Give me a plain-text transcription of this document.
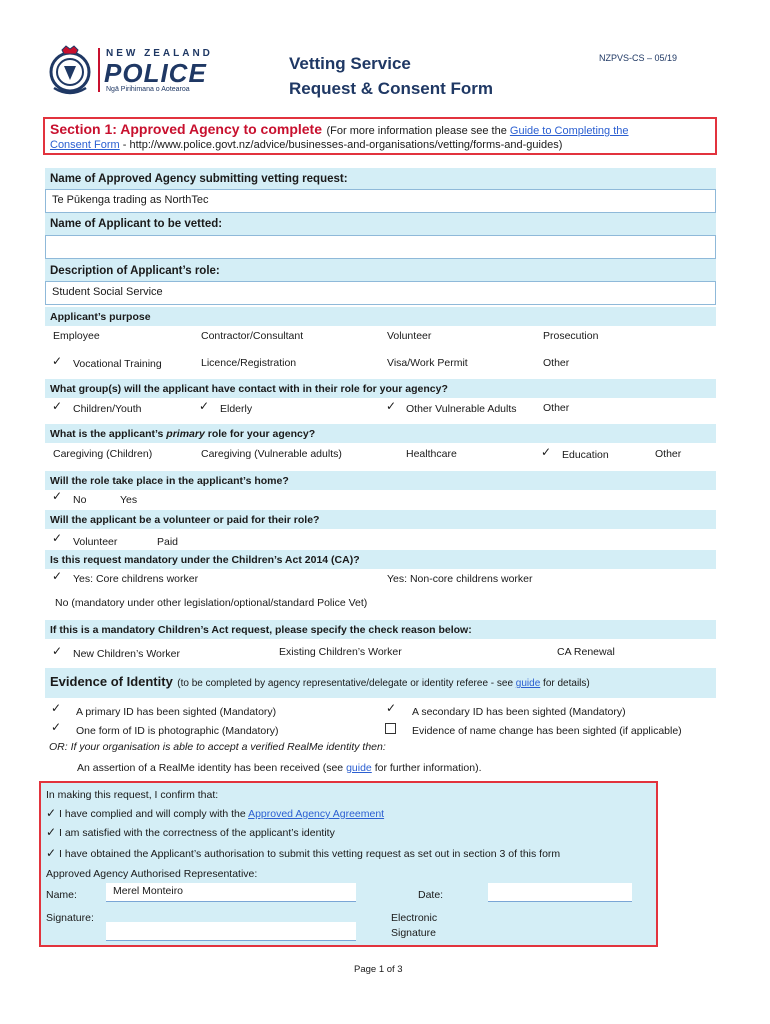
NEW ZEALAND
POLICE
Ngā Pirihimana o Aotearoa
Vetting Service
Request & Consent Form
NZPVS-CS – 05/19
Section 1: Approved Agency to complete (For more information please see the Guide to Completing the
Consent Form - http://www.police.govt.nz/advice/businesses-and-organisations/vetting/forms-and-guides)
Name of Approved Agency submitting vetting request:
Te Pūkenga trading as NorthTec
Name of Applicant to be vetted:
Description of Applicant’s role:
Student Social Service
Applicant’s purpose
Employee	Contractor/Consultant	Volunteer	Prosecution
✓ Vocational Training	Licence/Registration	Visa/Work Permit	Other
What group(s) will the applicant have contact with in their role for your agency?
✓ Children/Youth	✓ Elderly	✓ Other Vulnerable Adults	Other
What is the applicant’s primary role for your agency?
Caregiving (Children)	Caregiving (Vulnerable adults)	Healthcare	✓ Education	Other
Will the role take place in the applicant’s home?
✓ No	Yes
Will the applicant be a volunteer or paid for their role?
✓ Volunteer	Paid
Is this request mandatory under the Children’s Act 2014 (CA)?
✓ Yes: Core childrens worker	Yes: Non-core childrens worker
No (mandatory under other legislation/optional/standard Police Vet)
If this is a mandatory Children’s Act request, please specify the check reason below:
✓ New Children’s Worker	Existing Children’s Worker	CA Renewal
Evidence of Identity (to be completed by agency representative/delegate or identity referee - see guide for details)
✓ A primary ID has been sighted (Mandatory)	✓ A secondary ID has been sighted (Mandatory)
✓ One form of ID is photographic (Mandatory)	Evidence of name change has been sighted (if applicable)
OR: If your organisation is able to accept a verified RealMe identity then:
An assertion of a RealMe identity has been received (see guide for further information).
In making this request, I confirm that:
✓ I have complied and will comply with the Approved Agency Agreement
✓ I am satisfied with the correctness of the applicant’s identity
✓ I have obtained the Applicant’s authorisation to submit this vetting request as set out in section 3 of this form
Approved Agency Authorised Representative:
Name:	Merel Monteiro	Date:
Signature:	Electronic
Signature
Page 1 of 3
